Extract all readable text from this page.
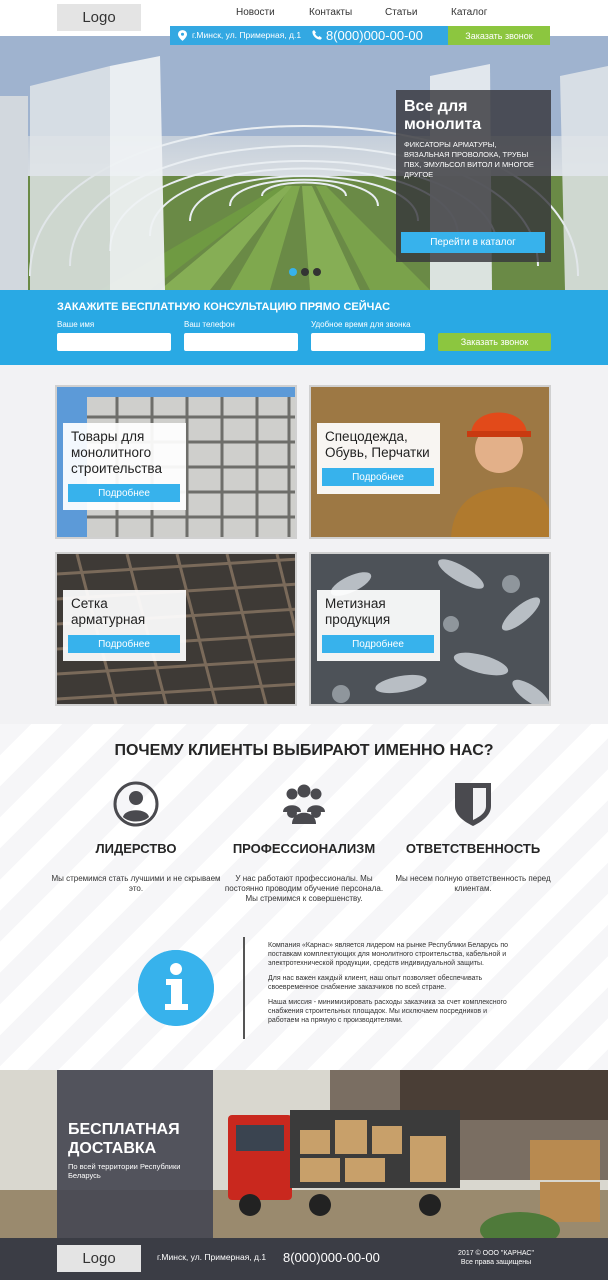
Logo	Новости	Контакты	Статьи	Каталог
г.Минск, ул. Примерная, д.1 8(000)000-00-00	Заказать звонок
Все для монолита
ФИКСАТОРЫ АРМАТУРЫ, ВЯЗАЛЬНАЯ ПРОВОЛОКА, ТРУБЫ ПВХ, ЭМУЛЬСОЛ ВИТОЛ И МНОГОЕ ДРУГОЕ
Перейти в каталог
ЗАКАЖИТЕ БЕСПЛАТНУЮ КОНСУЛЬТАЦИЮ ПРЯМО СЕЙЧАС
Ваше имя	Ваш телефон	Удобное время для звонка
Заказать звонок
Товары для монолитного строительства
Подробнее
Спецодежда, Обувь, Перчатки
Подробнее
Сетка арматурная
Подробнее
Метизная продукция
Подробнее
ПОЧЕМУ КЛИЕНТЫ ВЫБИРАЮТ ИМЕННО НАС?
ЛИДЕРСТВО
Мы стремимся стать лучшими и не скрываем это.
ПРОФЕССИОНАЛИЗМ
У нас работают профессионалы. Мы постоянно проводим обучение персонала. Мы стремимся к совершенству.
ОТВЕТСТВЕННОСТЬ
Мы несем полную ответственность перед клиентам.

Компания «Карнас» является лидером на рынке Республики Беларусь по поставкам комплектующих для монолитного строительства, кабельной и электротехнической продукции, средств индивидуальной защиты.

Для нас важен каждый клиент, наш опыт позволяет обеспечивать своевременное снабжение заказчиков по всей стране.

Наша миссия - минимизировать расходы заказчика за счет комплексного снабжения строительных площадок. Мы исключаем посредников и работаем на прямую с производителями.

БЕСПЛАТНАЯ ДОСТАВКА
По всей территории Республики Беларусь
Logo	г.Минск, ул. Примерная, д.1 8(000)000-00-00	2017 © ООО "КАРНАС"
Все права защищены
